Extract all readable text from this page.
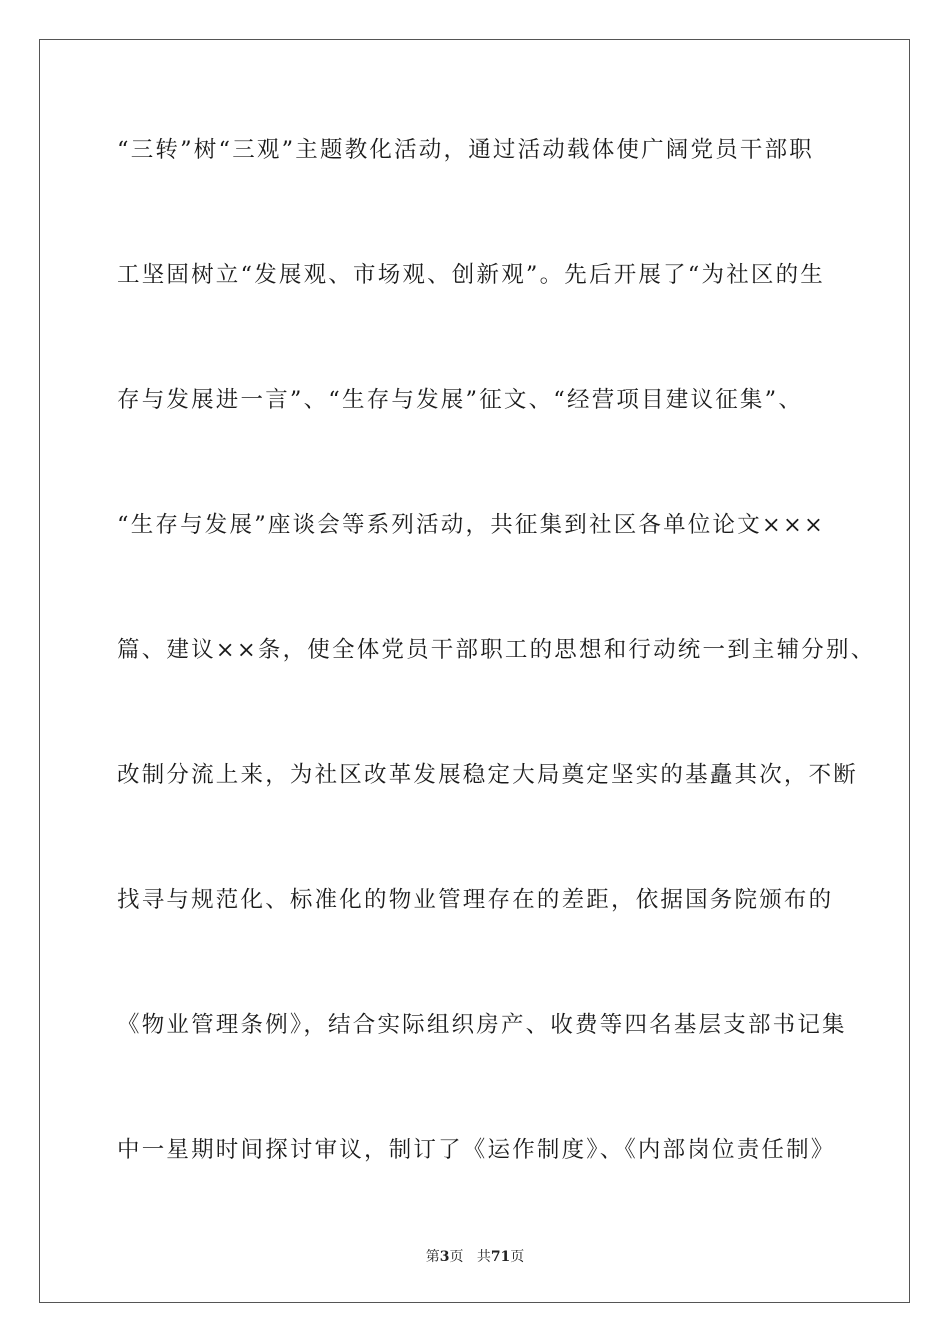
“三转”树“三观”主题教化活动，通过活动载体使广阔党员干部职
工坚固树立“发展观、市场观、创新观”。先后开展了“为社区的生
存与发展进一言”、“生存与发展”征文、“经营项目建议征集”、
“生存与发展”座谈会等系列活动，共征集到社区各单位论文×××
篇、建议××条，使全体党员干部职工的思想和行动统一到主辅分别、
改制分流上来，为社区改革发展稳定大局奠定坚实的基矗其次，不断
找寻与规范化、标准化的物业管理存在的差距，依据国务院颁布的
《物业管理条例》，结合实际组织房产、收费等四名基层支部书记集
中一星期时间探讨审议，制订了《运作制度》、《内部岗位责任制》
第3页 共71页
